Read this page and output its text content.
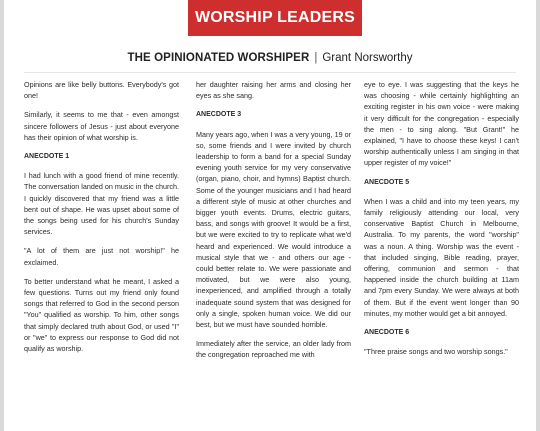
WORSHIP LEADERS
THE OPINIONATED WORSHIPER | Grant Norsworthy

Opinions are like belly buttons. Everybody's got one!

Similarly, it seems to me that - even amongst sincere followers of Jesus - just about everyone has their opinion of what worship is.

ANECDOTE 1

I had lunch with a good friend of mine recently. The conversation landed on music in the church. I quickly discovered that my friend was a little bent out of shape. He was upset about some of the songs being used for his church's Sunday services.

"A lot of them are just not worship!" he exclaimed.

To better understand what he meant, I asked a few questions. Turns out my friend only found songs that referred to God in the second person "You" qualified as worship. To him, other songs that simply declared truth about God, or used "I" or "we" to express our response to God did not qualify as worship.

her daughter raising her arms and closing her eyes as she sang.

ANECDOTE 3

Many years ago, when I was a very young, 19 or so, some friends and I were invited by church leadership to form a band for a special Sunday evening youth service for my very conservative (organ, piano, choir, and hymns) Baptist church. Some of the younger musicians and I had heard a different style of music at other churches and bigger youth events. Drums, electric guitars, bass, and songs with groove! It would be a first, but we were excited to try to replicate what we'd heard and experienced. We would introduce a musical style that we - and others our age - could better relate to. We were passionate and motivated, but we were also young, inexperienced, and amplified through a totally inadequate sound system that was designed for only a single, spoken human voice. We did our best, but we must have sounded horrible.

Immediately after the service, an older lady from the congregation reproached me with

eye to eye. I was suggesting that the keys he was choosing - while certainly highlighting an exciting register in his own voice - were making it very difficult for the congregation - especially the men - to sing along. "But Grant!" he explained, "I have to choose these keys! I can't worship authentically unless I am singing in that upper register of my voice!"

ANECDOTE 5

When I was a child and into my teen years, my family religiously attending our local, very conservative Baptist Church in Melbourne, Australia. To my parents, the word "worship" was a noun. A thing. Worship was the event - that included singing, Bible reading, prayer, offering, communion and sermon - that happened inside the church building at 11am and 7pm every Sunday. We were always at both of them. But if the event went longer than 90 minutes, my mother would get a bit annoyed.

ANECDOTE 6

"Three praise songs and two worship songs."
